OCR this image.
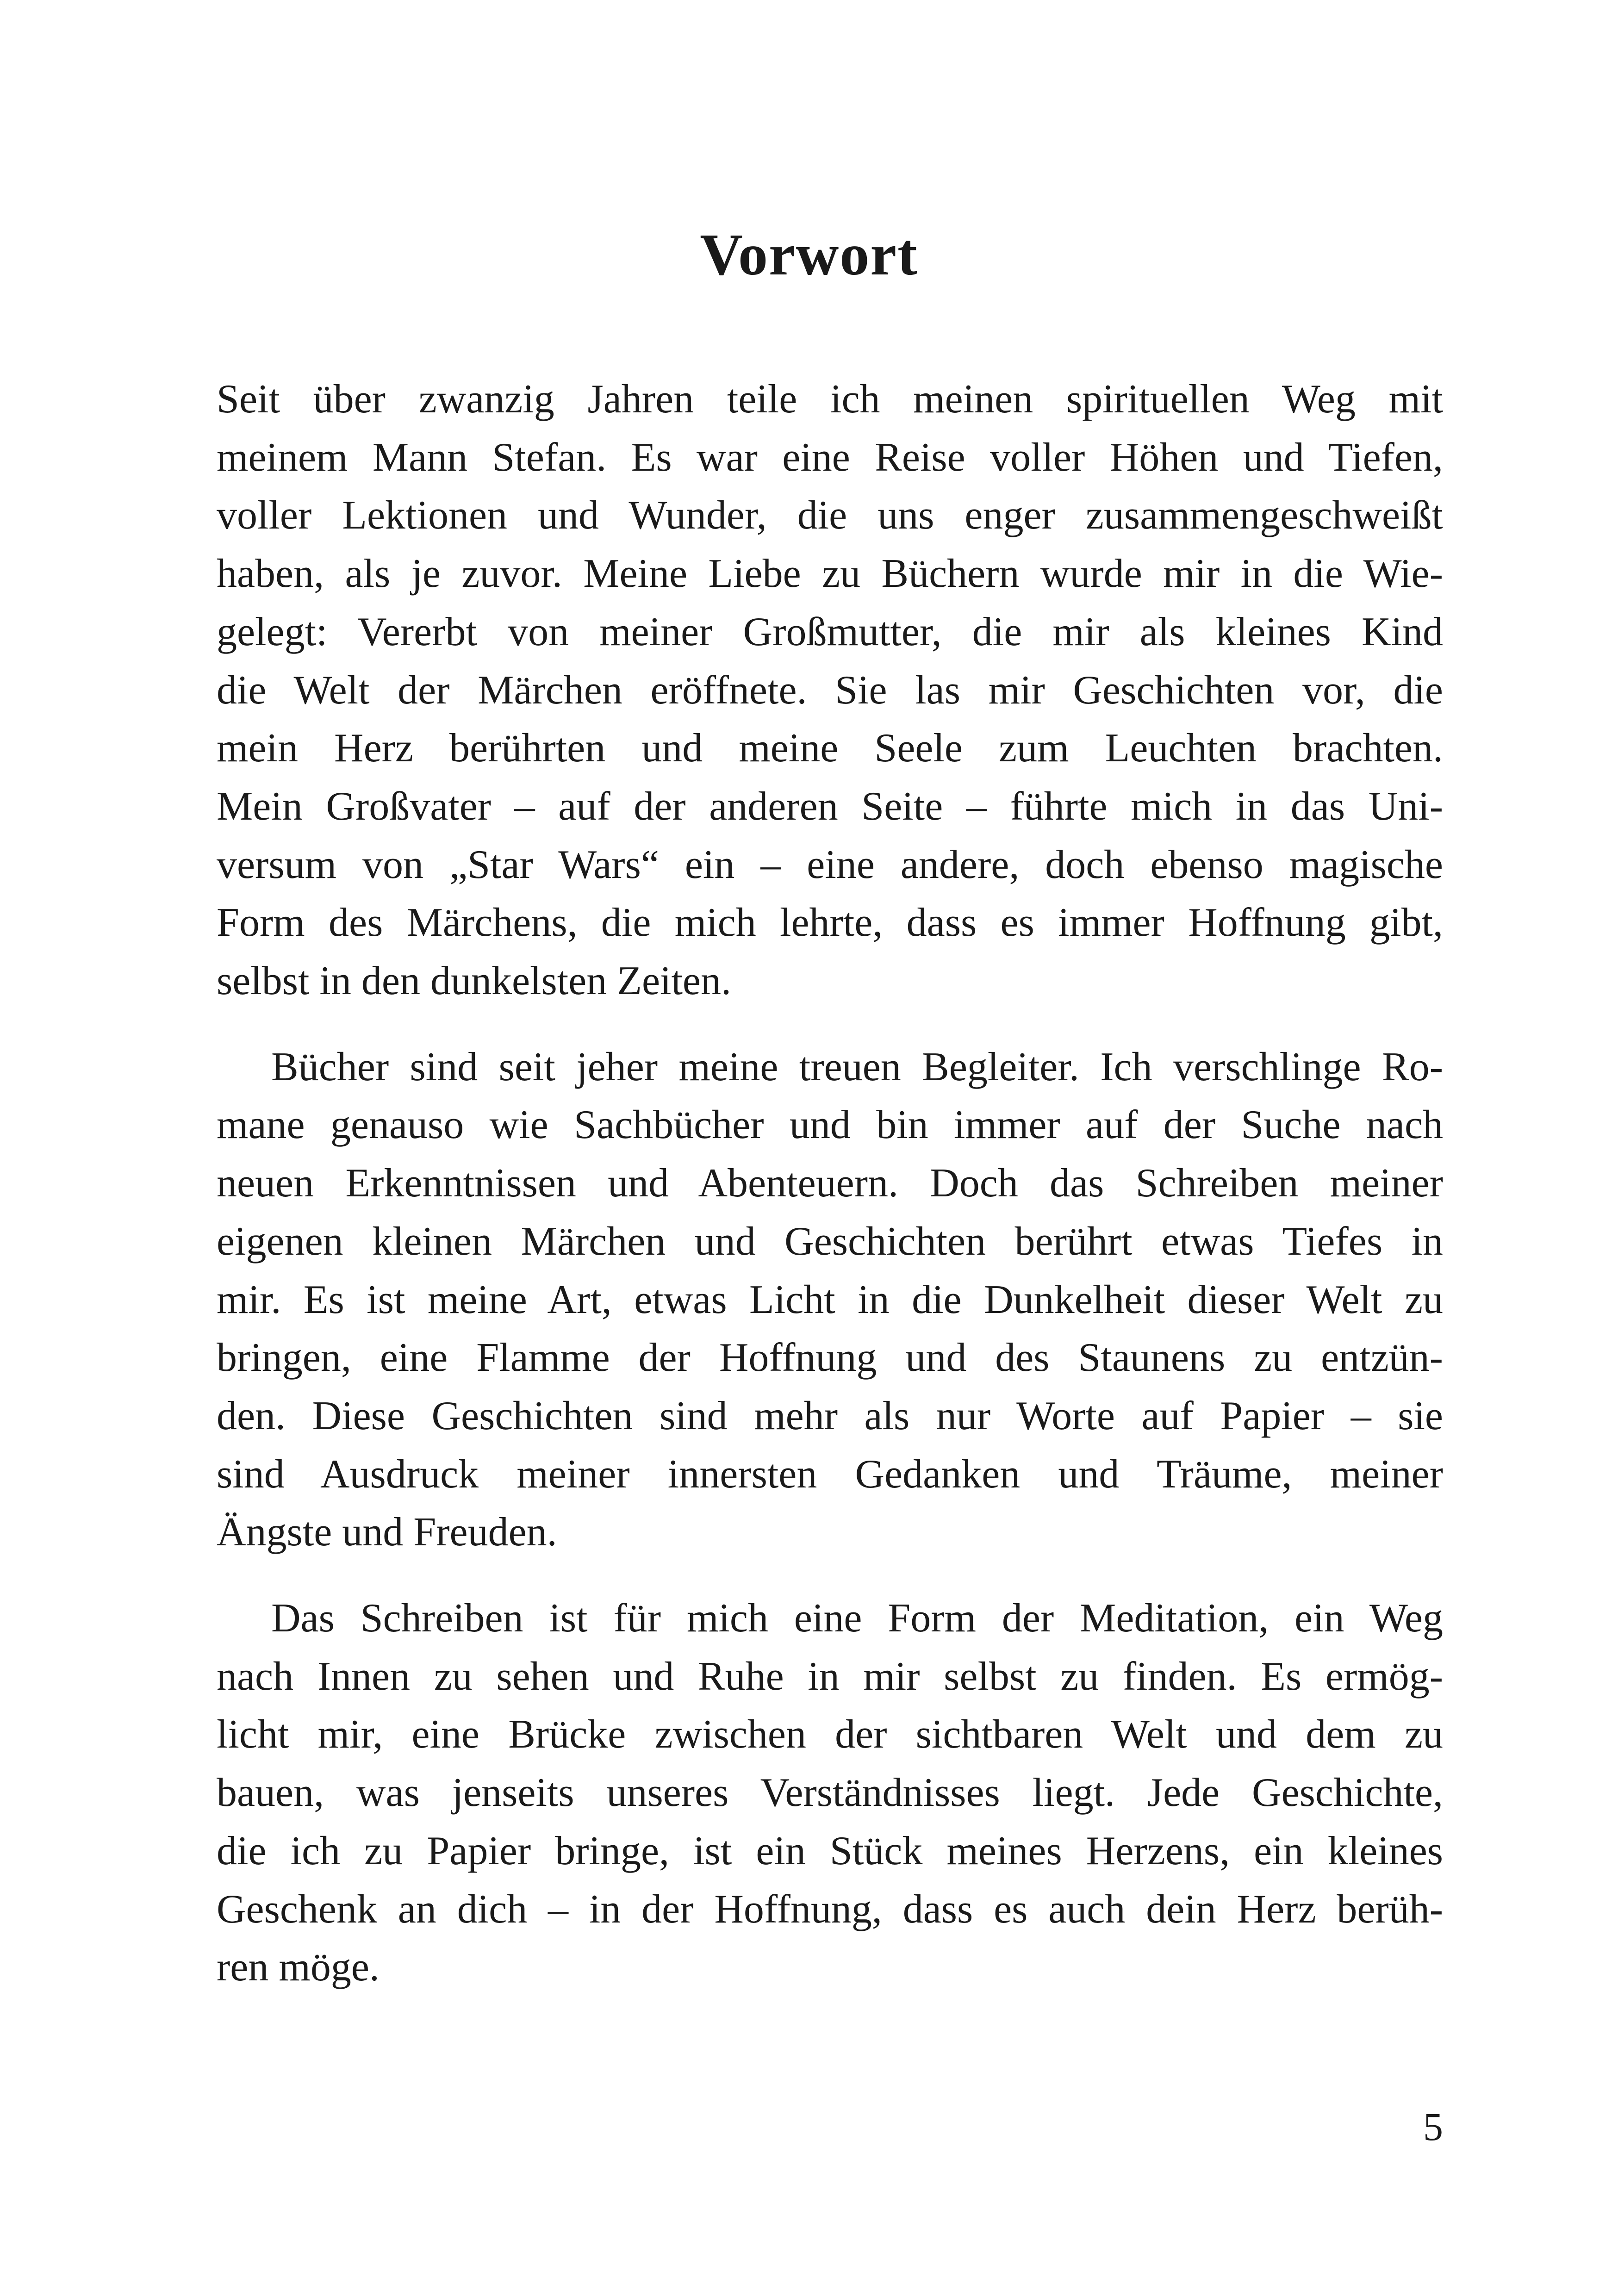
Vorwort

Seit über zwanzig Jahren teile ich meinen spirituellen Weg mit
meinem Mann Stefan. Es war eine Reise voller Höhen und Tiefen,
voller Lektionen und Wunder, die uns enger zusammengeschweißt
haben, als je zuvor. Meine Liebe zu Büchern wurde mir in die Wie-
gelegt: Vererbt von meiner Großmutter, die mir als kleines Kind
die Welt der Märchen eröffnete. Sie las mir Geschichten vor, die
mein Herz berührten und meine Seele zum Leuchten brachten.
Mein Großvater – auf der anderen Seite – führte mich in das Uni-
versum von „Star Wars“ ein – eine andere, doch ebenso magische
Form des Märchens, die mich lehrte, dass es immer Hoffnung gibt,
selbst in den dunkelsten Zeiten.

Bücher sind seit jeher meine treuen Begleiter. Ich verschlinge Ro-
mane genauso wie Sachbücher und bin immer auf der Suche nach
neuen Erkenntnissen und Abenteuern. Doch das Schreiben meiner
eigenen kleinen Märchen und Geschichten berührt etwas Tiefes in
mir. Es ist meine Art, etwas Licht in die Dunkelheit dieser Welt zu
bringen, eine Flamme der Hoffnung und des Staunens zu entzün-
den. Diese Geschichten sind mehr als nur Worte auf Papier – sie
sind Ausdruck meiner innersten Gedanken und Träume, meiner
Ängste und Freuden.

Das Schreiben ist für mich eine Form der Meditation, ein Weg
nach Innen zu sehen und Ruhe in mir selbst zu finden. Es ermög-
licht mir, eine Brücke zwischen der sichtbaren Welt und dem zu
bauen, was jenseits unseres Verständnisses liegt. Jede Geschichte,
die ich zu Papier bringe, ist ein Stück meines Herzens, ein kleines
Geschenk an dich – in der Hoffnung, dass es auch dein Herz berüh-
ren möge.

5
